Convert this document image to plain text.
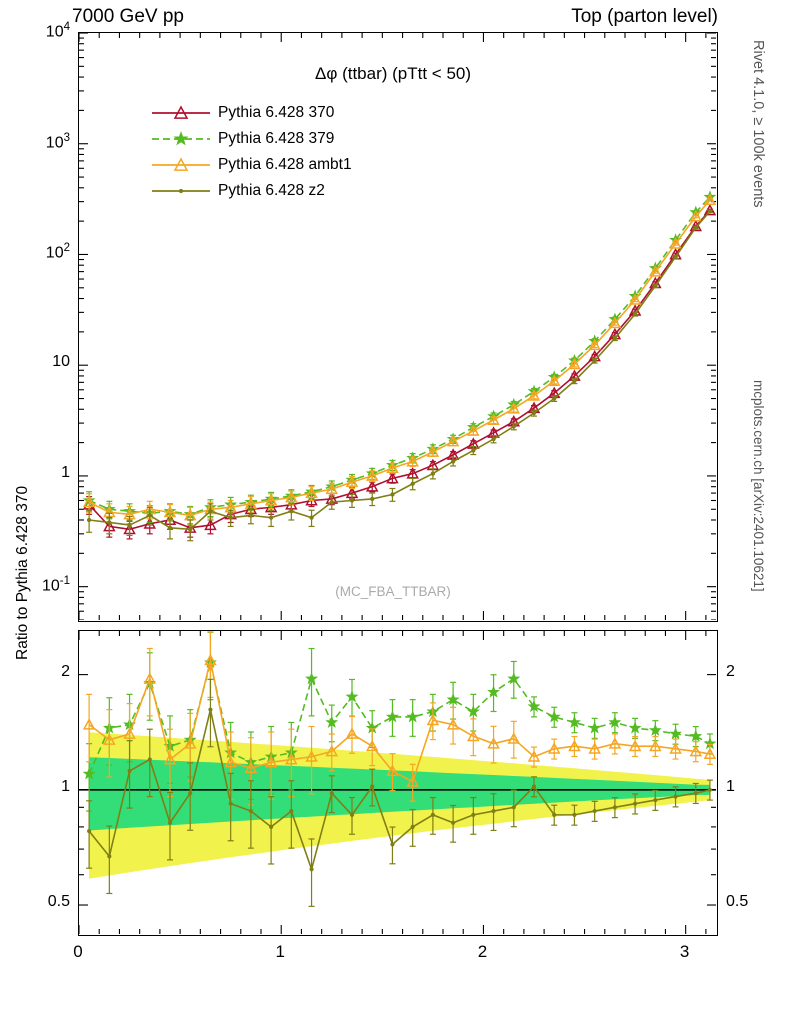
7000 GeV pp	Top (parton level)
Rivet 4.1.0, ≥ 100k events
mcplots.cern.ch [arXiv:2401.10621]
$10^{-1}$
1
10
$10^2$
$10^3$
$10^4$
Δφ (ttbar) (pTtt < 50)
(MC_FBA_TTBAR)
Pythia 6.428 370
Pythia 6.428 379
Pythia 6.428 ambt1
Pythia 6.428 z2
Ratio to Pythia 6.428 370
0.5
1
2
0.5
1
2
0	1	2	3
